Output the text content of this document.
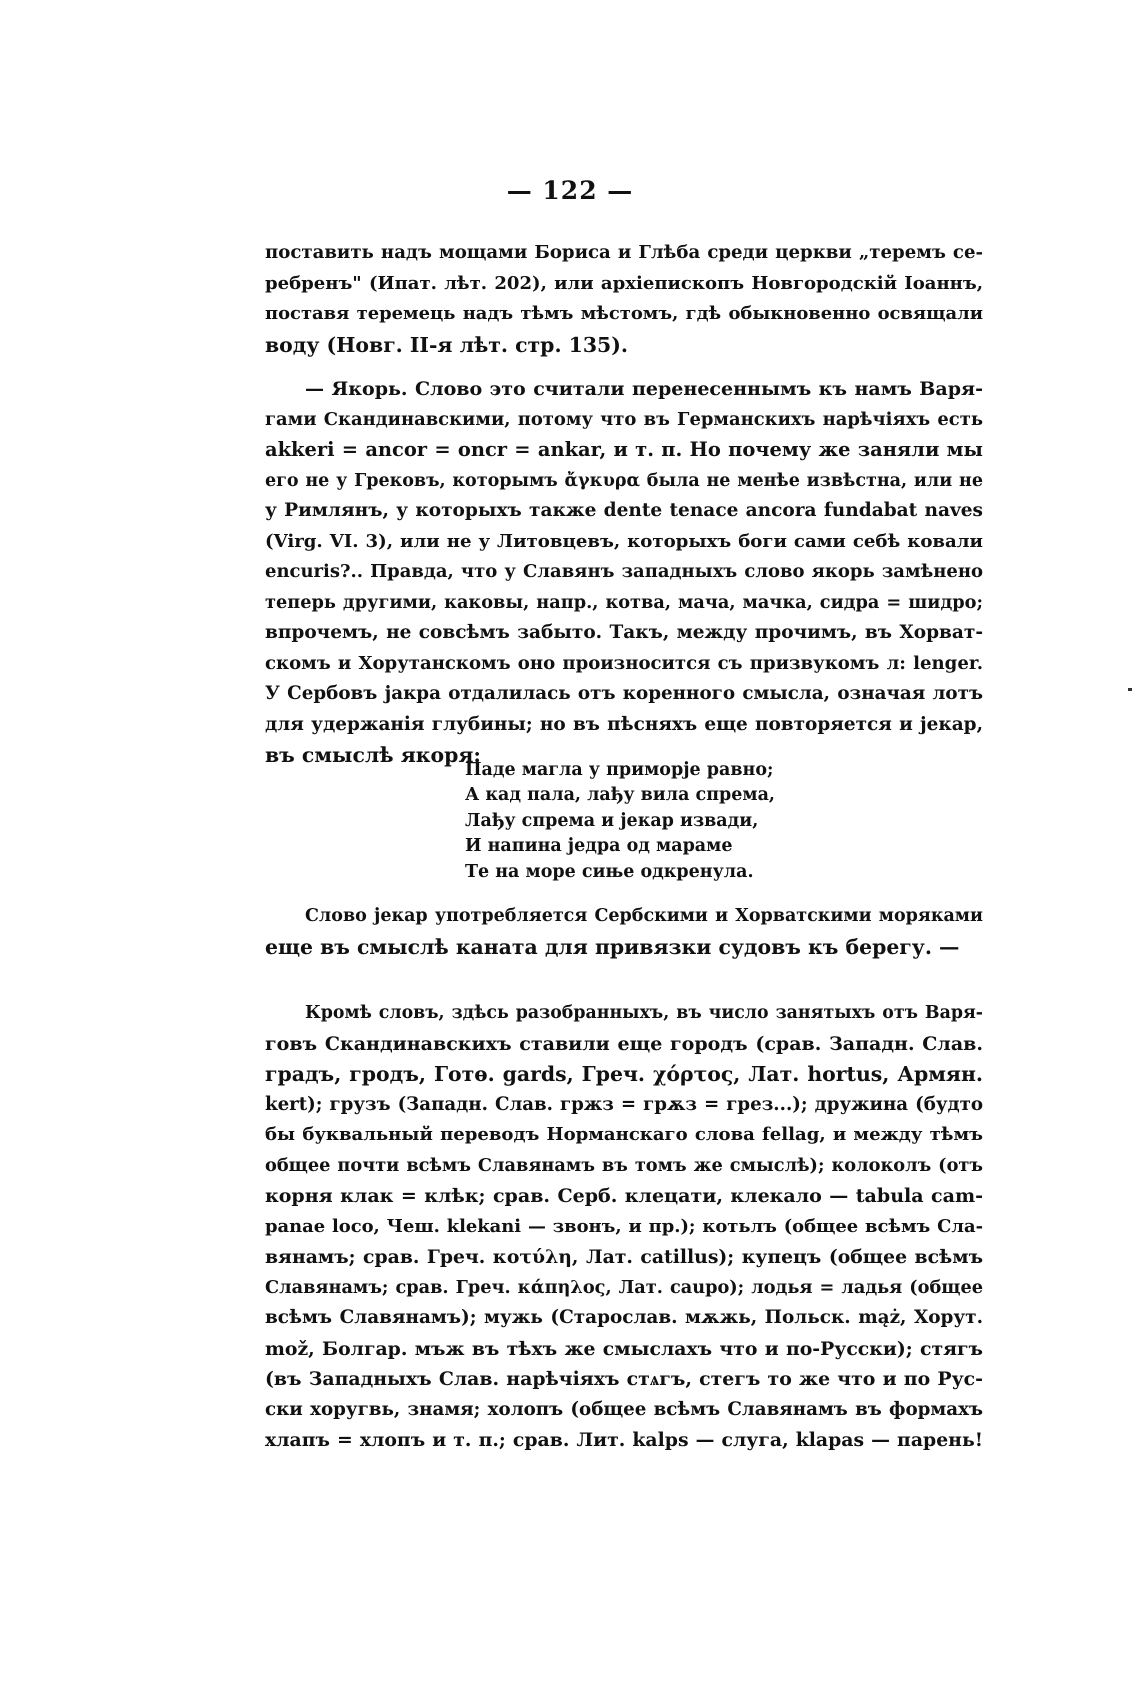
— 122 —
поставить надъ мощами Бориса и Глѣба среди церкви „теремъ се-
ребренъ" (Ипат. лѣт. 202), или архіепископъ Новгородскій Іоаннъ,
поставя теремець надъ тѣмъ мѣстомъ, гдѣ обыкновенно освящали
воду (Новг. II-я лѣт. стр. 135).
— Якорь. Слово это считали перенесеннымъ къ намъ Варя-
гами Скандинавскими, потому что въ Германскихъ нарѣчіяхъ есть
akkeri = ancor = oncr = ankar, и т. п. Но почему же заняли мы
его не у Грековъ, которымъ ἄγκυρα была не менѣе извѣстна, или не
у Римлянъ, у которыхъ также dente tenace ancora fundabat naves
(Virg. VI. 3), или не у Литовцевъ, которыхъ боги сами себѣ ковали
encuris?.. Правда, что у Славянъ западныхъ слово якорь замѣнено
теперь другими, каковы, напр., котва, мача, мачка, сидра = шидро;
впрочемъ, не совсѣмъ забыто. Такъ, между прочимъ, въ Хорват-
скомъ и Хорутанскомъ оно произносится съ призвукомъ л: lenger.
У Сербовъ јакра отдалилась отъ коренного смысла, означая лотъ
для удержанія глубины; но въ пѣсняхъ еще повторяется и јекар,
въ смыслѣ якоря:
Паде магла у приморје равно;
А кад пала, лађу вила спрема,
Лађу спрема и јекар извади,
И напина једра од мараме
Те на море сиње одкренула.
Слово јекар употребляется Сербскими и Хорватскими моряками
еще въ смыслѣ каната для привязки судовъ къ берегу. —
Кромѣ словъ, здѣсь разобранныхъ, въ число занятыхъ отъ Варя-
говъ Скандинавскихъ ставили еще городъ (срав. Западн. Слав.
градъ, гродъ, Готѳ. gards, Греч. χόρτος, Лат. hortus, Армян.
kert); грузъ (Западн. Слав. гржз = грѫз = грез...); дружина (будто
бы буквальный переводъ Норманскаго слова fellag, и между тѣмъ
общее почти всѣмъ Славянамъ въ томъ же смыслѣ); колоколъ (отъ
корня клак = клѣк; срав. Серб. клецати, клекало — tabula cam-
panae loco, Чеш. klekani — звонъ, и пр.); котьлъ (общее всѣмъ Сла-
вянамъ; срав. Греч. κοτύλη, Лат. catillus); купецъ (общее всѣмъ
Славянамъ; срав. Греч. κάπηλος, Лат. caupo); лодья = ладья (общее
всѣмъ Славянамъ); мужь (Старослав. мѫжь, Польск. mąż, Хорут.
mož, Болгар. мъж въ тѣхъ же смыслахъ что и по-Русски); стягъ
(въ Западныхъ Слав. нарѣчіяхъ стѧгъ, стегъ то же что и по Рус-
ски хоругвь, знамя; холопъ (общее всѣмъ Славянамъ въ формахъ
хлапъ = хлопъ и т. п.; срав. Лит. kalps — слуга, klapas — парень!
